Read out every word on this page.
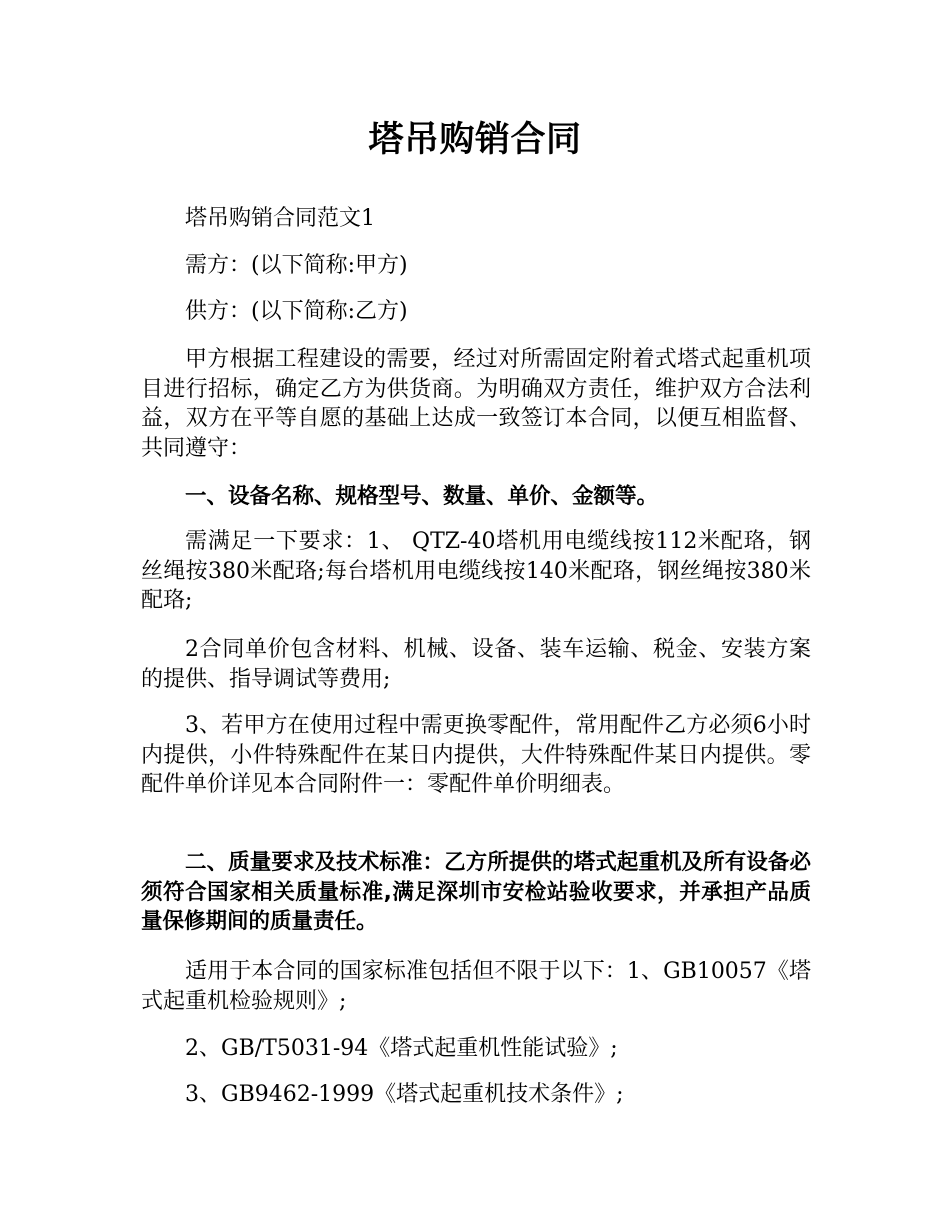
塔吊购销合同

塔吊购销合同范文1

需方：(以下简称:甲方)

供方：(以下简称:乙方)

甲方根据工程建设的需要，经过对所需固定附着式塔式起重机项目进行招标，确定乙方为供货商。为明确双方责任，维护双方合法利益，双方在平等自愿的基础上达成一致签订本合同，以便互相监督、共同遵守：

一、设备名称、规格型号、数量、单价、金额等。

需满足一下要求：1、 QTZ-40塔机用电缆线按112米配珞，钢丝绳按380米配珞;每台塔机用电缆线按140米配珞，钢丝绳按380米配珞;

2合同单价包含材料、机械、设备、装车运输、税金、安装方案的提供、指导调试等费用;

3、若甲方在使用过程中需更换零配件，常用配件乙方必须6小时内提供，小件特殊配件在某日内提供，大件特殊配件某日内提供。零配件单价详见本合同附件一：零配件单价明细表。

二、质量要求及技术标准：乙方所提供的塔式起重机及所有设备必须符合国家相关质量标准,满足深圳市安检站验收要求，并承担产品质量保修期间的质量责任。

适用于本合同的国家标准包括但不限于以下：1、GB10057《塔式起重机检验规则》;

2、GB/T5031-94《塔式起重机性能试验》;

3、GB9462-1999《塔式起重机技术条件》;
